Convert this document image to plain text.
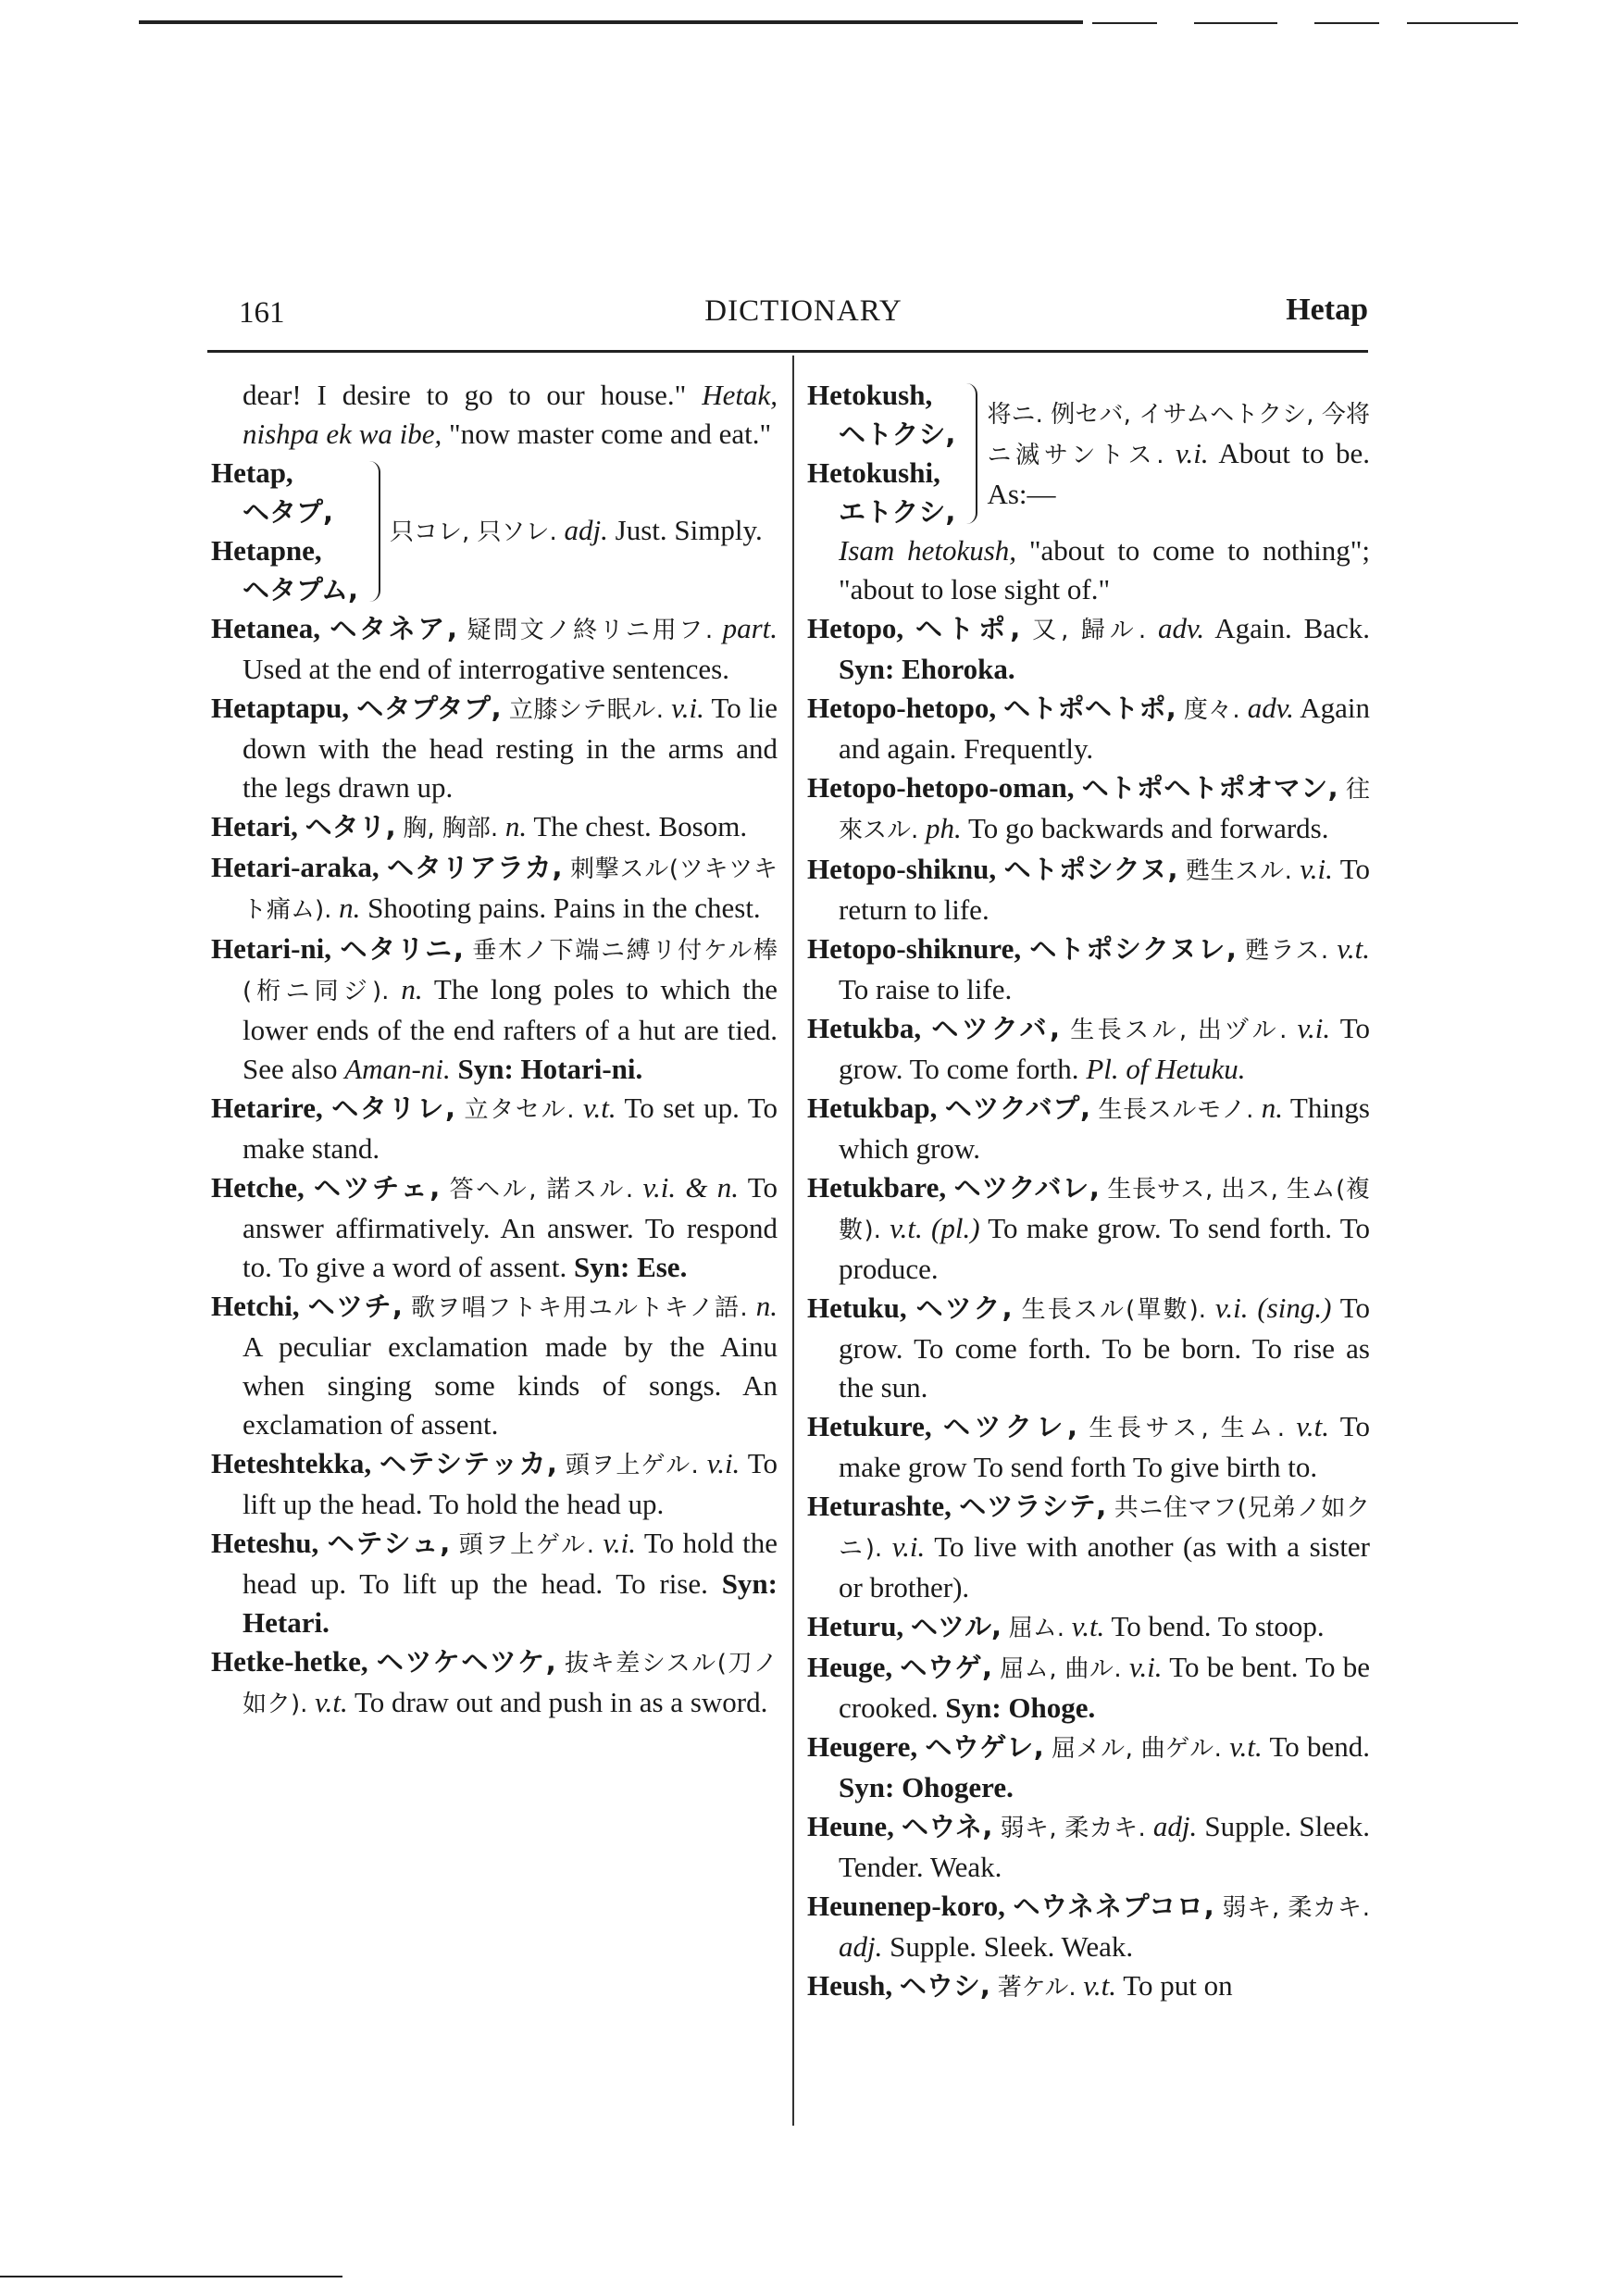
161	DICTIONARY	Hetap
dear! I desire to go to our house." Hetak, nishpa ek wa ibe, "now master come and eat."
Hetap,
ヘタプ,
Hetapne,
ヘタプム,
只コレ, 只ソレ. adj. Just. Simply.
Hetanea, ヘタネア, 疑問文ノ終リニ用フ. part. Used at the end of interrogative sentences.
Hetaptapu, ヘタプタプ, 立膝シテ眠ル. v.i. To lie down with the head resting in the arms and the legs drawn up.
Hetari, ヘタリ, 胸, 胸部. n. The chest. Bosom.
Hetari-araka, ヘタリアラカ, 刺撃スル(ツキツキト痛ム). n. Shooting pains. Pains in the chest.
Hetari-ni, ヘタリニ, 垂木ノ下端ニ縛リ付ケル棒(桁ニ同ジ). n. The long poles to which the lower ends of the end rafters of a hut are tied. See also Aman-ni. Syn: Hotari-ni.
Hetarire, ヘタリレ, 立タセル. v.t. To set up. To make stand.
Hetche, ヘツチェ, 答ヘル, 諾スル. v.i. & n. To answer affirmatively. An answer. To respond to. To give a word of assent. Syn: Ese.
Hetchi, ヘツチ, 歌ヲ唱フトキ用ユルトキノ語. n. A peculiar exclamation made by the Ainu when singing some kinds of songs. An exclamation of assent.
Heteshtekka, ヘテシテッカ, 頭ヲ上ゲル. v.i. To lift up the head. To hold the head up.
Heteshu, ヘテシュ, 頭ヲ上ゲル. v.i. To hold the head up. To lift up the head. To rise. Syn: Hetari.
Hetke-hetke, ヘツケヘツケ, 抜キ差シスル(刀ノ如ク). v.t. To draw out and push in as a sword.
Hetokush,
ヘトクシ,
Hetokushi,
エトクシ,
将ニ. 例セバ, イサムヘトクシ, 今将ニ滅サントス. v.i. About to be. As:—
Isam hetokush, "about to come to nothing"; "about to lose sight of."
Hetopo, ヘトポ, 又, 歸ル. adv. Again. Back. Syn: Ehoroka.
Hetopo-hetopo, ヘトポヘトポ, 度々. adv. Again and again. Frequently.
Hetopo-hetopo-oman, ヘトポヘトポオマン, 往來スル. ph. To go backwards and forwards.
Hetopo-shiknu, ヘトポシクヌ, 甦生スル. v.i. To return to life.
Hetopo-shiknure, ヘトポシクヌレ, 甦ラス. v.t. To raise to life.
Hetukba, ヘツクバ, 生長スル, 出ヅル. v.i. To grow. To come forth. Pl. of Hetuku.
Hetukbap, ヘツクバプ, 生長スルモノ. n. Things which grow.
Hetukbare, ヘツクバレ, 生長サス, 出ス, 生ム(複數). v.t. (pl.) To make grow. To send forth. To produce.
Hetuku, ヘツク, 生長スル(單數). v.i. (sing.) To grow. To come forth. To be born. To rise as the sun.
Hetukure, ヘツクレ, 生長サス, 生ム. v.t. To make grow To send forth To give birth to.
Heturashte, ヘツラシテ, 共ニ住マフ(兄弟ノ如クニ). v.i. To live with another (as with a sister or brother).
Heturu, ヘツル, 屈ム. v.t. To bend. To stoop.
Heuge, ヘウゲ, 屈ム, 曲ル. v.i. To be bent. To be crooked. Syn: Ohoge.
Heugere, ヘウゲレ, 屈メル, 曲ゲル. v.t. To bend. Syn: Ohogere.
Heune, ヘウネ, 弱キ, 柔カキ. adj. Supple. Sleek. Tender. Weak.
Heunenep-koro, ヘウネネプコロ, 弱キ, 柔カキ. adj. Supple. Sleek. Weak.
Heush, ヘウシ, 著ケル. v.t. To put on
